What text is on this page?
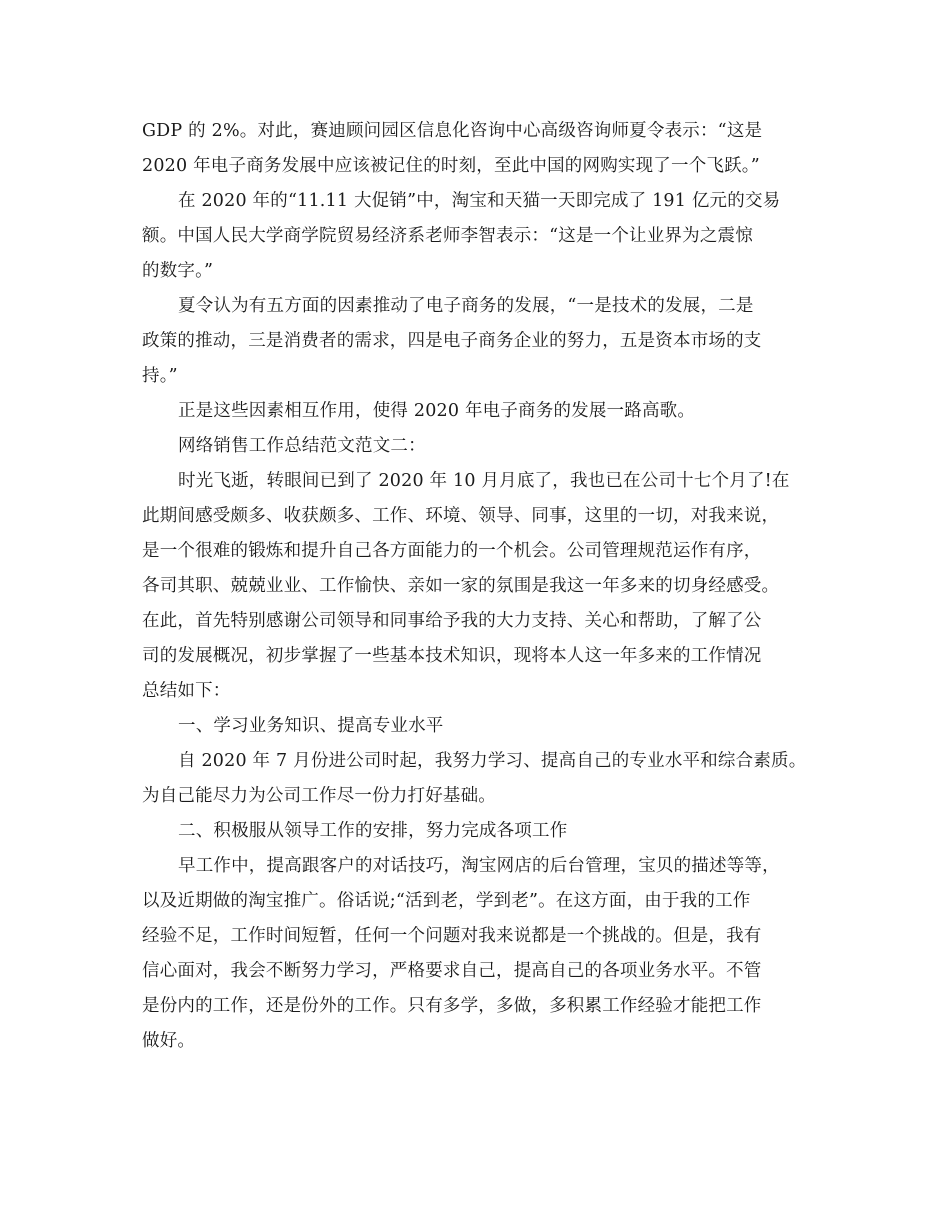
GDP 的 2%。对此，赛迪顾问园区信息化咨询中心高级咨询师夏令表示：“这是
2020 年电子商务发展中应该被记住的时刻，至此中国的网购实现了一个飞跃。”
在 2020 年的“11.11 大促销”中，淘宝和天猫一天即完成了 191 亿元的交易
额。中国人民大学商学院贸易经济系老师李智表示：“这是一个让业界为之震惊
的数字。”
夏令认为有五方面的因素推动了电子商务的发展，“一是技术的发展，二是
政策的推动，三是消费者的需求，四是电子商务企业的努力，五是资本市场的支
持。”
正是这些因素相互作用，使得 2020 年电子商务的发展一路高歌。
网络销售工作总结范文范文二：
时光飞逝，转眼间已到了 2020 年 10 月月底了，我也已在公司十七个月了!在
此期间感受颇多、收获颇多、工作、环境、领导、同事，这里的一切，对我来说，
是一个很难的锻炼和提升自己各方面能力的一个机会。公司管理规范运作有序，
各司其职、兢兢业业、工作愉快、亲如一家的氛围是我这一年多来的切身经感受。
在此，首先特别感谢公司领导和同事给予我的大力支持、关心和帮助，了解了公
司的发展概况，初步掌握了一些基本技术知识，现将本人这一年多来的工作情况
总结如下：
一、学习业务知识、提高专业水平
自 2020 年 7 月份进公司时起，我努力学习、提高自己的专业水平和综合素质。
为自己能尽力为公司工作尽一份力打好基础。
二、积极服从领导工作的安排，努力完成各项工作
早工作中，提高跟客户的对话技巧，淘宝网店的后台管理，宝贝的描述等等，
以及近期做的淘宝推广。俗话说;“活到老，学到老”。在这方面，由于我的工作
经验不足，工作时间短暂，任何一个问题对我来说都是一个挑战的。但是，我有
信心面对，我会不断努力学习，严格要求自己，提高自己的各项业务水平。不管
是份内的工作，还是份外的工作。只有多学，多做，多积累工作经验才能把工作
做好。
